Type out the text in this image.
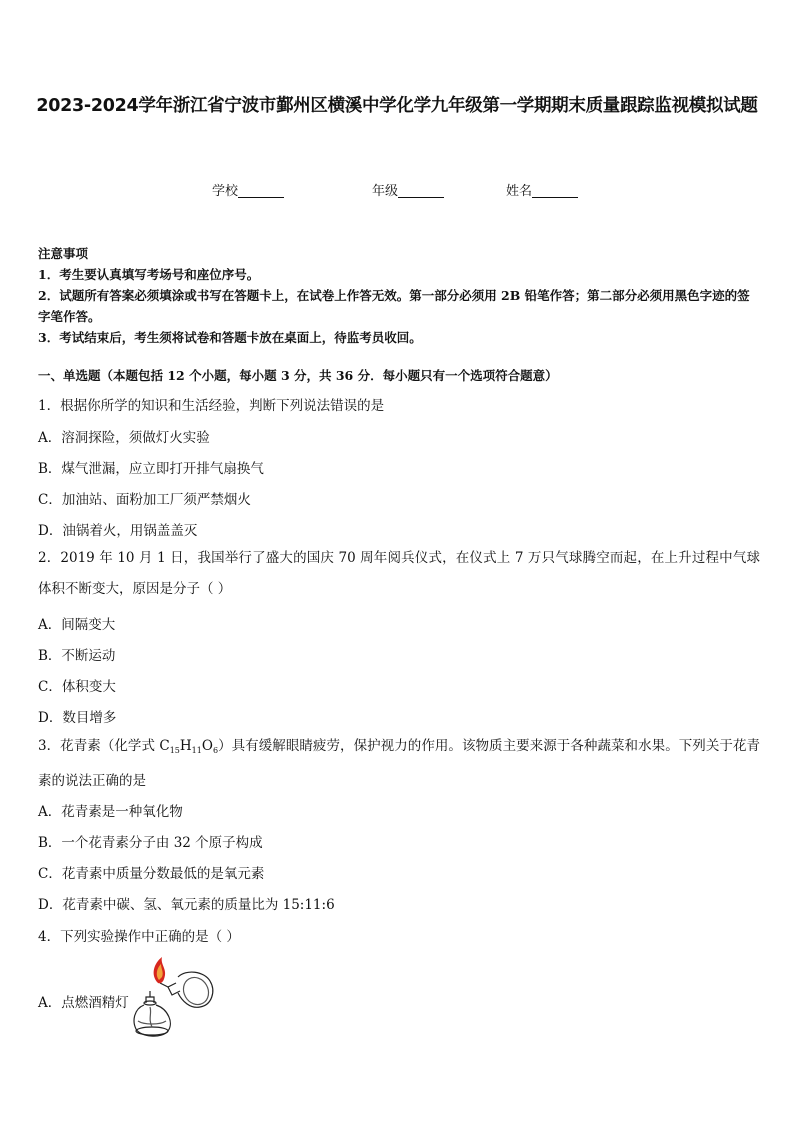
2023-2024学年浙江省宁波市鄞州区横溪中学化学九年级第一学期期末质量跟踪监视模拟试题
学校	年级	姓名
注意事项
1．考生要认真填写考场号和座位序号。
2．试题所有答案必须填涂或书写在答题卡上，在试卷上作答无效。第一部分必须用 2B 铅笔作答；第二部分必须用黑色字迹的签字笔作答。
3．考试结束后，考生须将试卷和答题卡放在桌面上，待监考员收回。
一、单选题（本题包括 12 个小题，每小题 3 分，共 36 分．每小题只有一个选项符合题意）
1．根据你所学的知识和生活经验，判断下列说法错误的是
A．溶洞探险，须做灯火实验
B．煤气泄漏，应立即打开排气扇换气
C．加油站、面粉加工厂须严禁烟火
D．油锅着火，用锅盖盖灭
2．2019 年 10 月 1 日，我国举行了盛大的国庆 70 周年阅兵仪式，在仪式上 7 万只气球腾空而起，在上升过程中气球体积不断变大，原因是分子（ ）
A．间隔变大
B．不断运动
C．体积变大
D．数目增多
3．花青素（化学式 $C_{15}H_{11}O_6$）具有缓解眼睛疲劳，保护视力的作用。该物质主要来源于各种蔬菜和水果。下列关于花青素的说法正确的是
A．花青素是一种氧化物
B．一个花青素分子由 32 个原子构成
C．花青素中质量分数最低的是氧元素
D．花青素中碳、氢、氧元素的质量比为 15:11:6
4．下列实验操作中正确的是（ ）
A．点燃酒精灯
